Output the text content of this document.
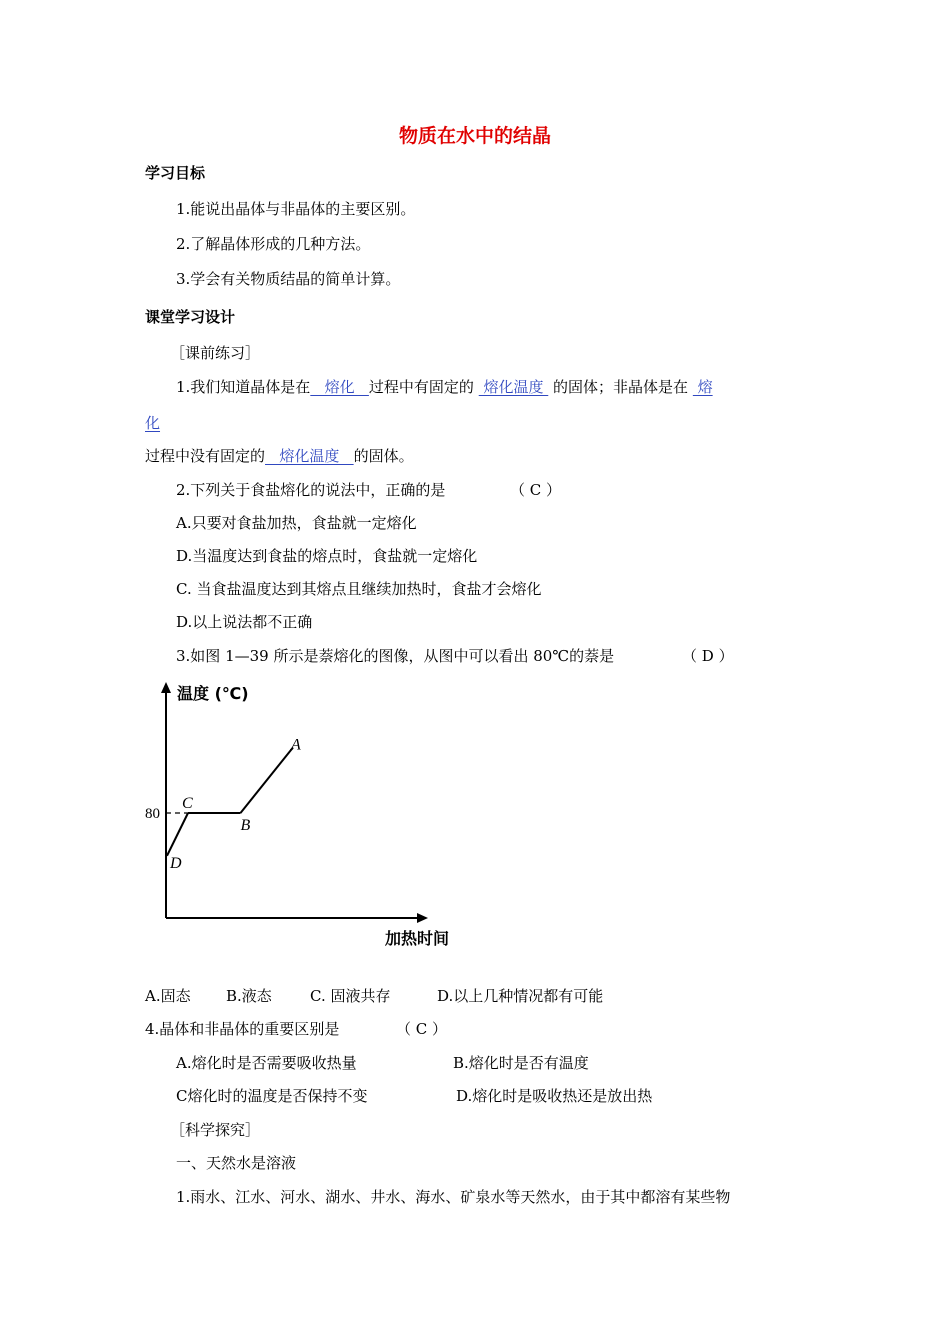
物质在水中的结晶
学习目标
1.能说出晶体与非晶体的主要区别。
2.了解晶体形成的几种方法。
3.学会有关物质结晶的简单计算。
课堂学习设计
［课前练习］
1.我们知道晶体是在   熔化   过程中有固定的  熔化温度  的固体；非晶体是在  熔
化
过程中没有固定的   熔化温度   的固体。
2.下列关于食盐熔化的说法中，正确的是	（ C ）
A.只要对食盐加热，食盐就一定熔化
D.当温度达到食盐的熔点时，食盐就一定熔化
C. 当食盐温度达到其熔点且继续加热时，食盐才会熔化
D.以上说法都不正确
3.如图 1—39 所示是萘熔化的图像，从图中可以看出 80℃的萘是	（ D ）
温度 (℃)
加热时间
80
D
C
B
A
A.固态 B.液态	C. 固液共存	D.以上几种情况都有可能
4.晶体和非晶体的重要区别是	（ C ）
A.熔化时是否需要吸收热量	B.熔化时是否有温度
C熔化时的温度是否保持不变	D.熔化时是吸收热还是放出热
［科学探究］
一、天然水是溶液
1.雨水、江水、河水、湖水、井水、海水、矿泉水等天然水，由于其中都溶有某些物
